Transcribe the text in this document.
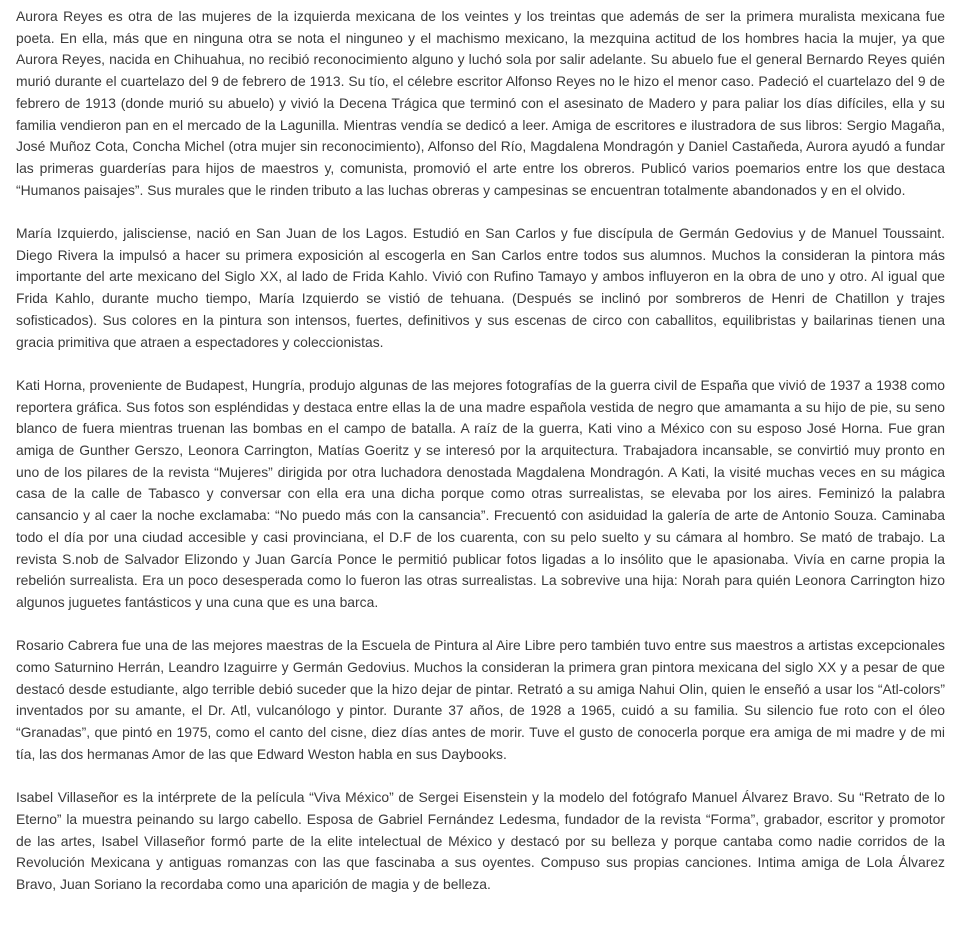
Aurora Reyes es otra de las mujeres de la izquierda mexicana de los veintes y los treintas que además de ser la primera muralista mexicana fue poeta. En ella, más que en ninguna otra se nota el ninguneo y el machismo mexicano, la mezquina actitud de los hombres hacia la mujer, ya que Aurora Reyes, nacida en Chihuahua, no recibió reconocimiento alguno y luchó sola por salir adelante. Su abuelo fue el general Bernardo Reyes quién murió durante el cuartelazo del 9 de febrero de 1913. Su tío, el célebre escritor Alfonso Reyes no le hizo el menor caso. Padeció el cuartelazo del 9 de febrero de 1913 (donde murió su abuelo) y vivió la Decena Trágica que terminó con el asesinato de Madero y para paliar los días difíciles, ella y su familia vendieron pan en el mercado de la Lagunilla. Mientras vendía se dedicó a leer. Amiga de escritores e ilustradora de sus libros: Sergio Magaña, José Muñoz Cota, Concha Michel (otra mujer sin reconocimiento), Alfonso del Río, Magdalena Mondragón y Daniel Castañeda, Aurora ayudó a fundar las primeras guarderías para hijos de maestros y, comunista, promovió el arte entre los obreros. Publicó varios poemarios entre los que destaca “Humanos paisajes”. Sus murales que le rinden tributo a las luchas obreras y campesinas se encuentran totalmente abandonados y en el olvido.

María Izquierdo, jalisciense, nació en San Juan de los Lagos. Estudió en San Carlos y fue discípula de Germán Gedovius y de Manuel Toussaint. Diego Rivera la impulsó a hacer su primera exposición al escogerla en San Carlos entre todos sus alumnos. Muchos la consideran la pintora más importante del arte mexicano del Siglo XX, al lado de Frida Kahlo. Vivió con Rufino Tamayo y ambos influyeron en la obra de uno y otro. Al igual que Frida Kahlo, durante mucho tiempo, María Izquierdo se vistió de tehuana. (Después se inclinó por sombreros de Henri de Chatillon y trajes sofisticados). Sus colores en la pintura son intensos, fuertes, definitivos y sus escenas de circo con caballitos, equilibristas y bailarinas tienen una gracia primitiva que atraen a espectadores y coleccionistas.

Kati Horna, proveniente de Budapest, Hungría, produjo algunas de las mejores fotografías de la guerra civil de España que vivió de 1937 a 1938 como reportera gráfica. Sus fotos son espléndidas y destaca entre ellas la de una madre española vestida de negro que amamanta a su hijo de pie, su seno blanco de fuera mientras truenan las bombas en el campo de batalla. A raíz de la guerra, Kati vino a México con su esposo José Horna. Fue gran amiga de Gunther Gerszo, Leonora Carrington, Matías Goeritz y se interesó por la arquitectura. Trabajadora incansable, se convirtió muy pronto en uno de los pilares de la revista “Mujeres” dirigida por otra luchadora denostada Magdalena Mondragón. A Kati, la visité muchas veces en su mágica casa de la calle de Tabasco y conversar con ella era una dicha porque como otras surrealistas, se elevaba por los aires. Feminizó la palabra cansancio y al caer la noche exclamaba: “No puedo más con la cansancia”. Frecuentó con asiduidad la galería de arte de Antonio Souza. Caminaba todo el día por una ciudad accesible y casi provinciana, el D.F de los cuarenta, con su pelo suelto y su cámara al hombro. Se mató de trabajo. La revista S.nob de Salvador Elizondo y Juan García Ponce le permitió publicar fotos ligadas a lo insólito que le apasionaba. Vivía en carne propia la rebelión surrealista. Era un poco desesperada como lo fueron las otras surrealistas. La sobrevive una hija: Norah para quién Leonora Carrington hizo algunos juguetes fantásticos y una cuna que es una barca.

Rosario Cabrera fue una de las mejores maestras de la Escuela de Pintura al Aire Libre pero también tuvo entre sus maestros a artistas excepcionales como Saturnino Herrán, Leandro Izaguirre y Germán Gedovius. Muchos la consideran la primera gran pintora mexicana del siglo XX y a pesar de que destacó desde estudiante, algo terrible debió suceder que la hizo dejar de pintar. Retrató a su amiga Nahui Olin, quien le enseñó a usar los “Atl-colors” inventados por su amante, el Dr. Atl, vulcanólogo y pintor. Durante 37 años, de 1928 a 1965, cuidó a su familia. Su silencio fue roto con el óleo “Granadas”, que pintó en 1975, como el canto del cisne, diez días antes de morir. Tuve el gusto de conocerla porque era amiga de mi madre y de mi tía, las dos hermanas Amor de las que Edward Weston habla en sus Daybooks.

Isabel Villaseñor es la intérprete de la película “Viva México” de Sergei Eisenstein y la modelo del fotógrafo Manuel Álvarez Bravo. Su “Retrato de lo Eterno” la muestra peinando su largo cabello. Esposa de Gabriel Fernández Ledesma, fundador de la revista “Forma”, grabador, escritor y promotor de las artes, Isabel Villaseñor formó parte de la elite intelectual de México y destacó por su belleza y porque cantaba como nadie corridos de la Revolución Mexicana y antiguas romanzas con las que fascinaba a sus oyentes. Compuso sus propias canciones. Intima amiga de Lola Álvarez Bravo, Juan Soriano la recordaba como una aparición de magia y de belleza.
